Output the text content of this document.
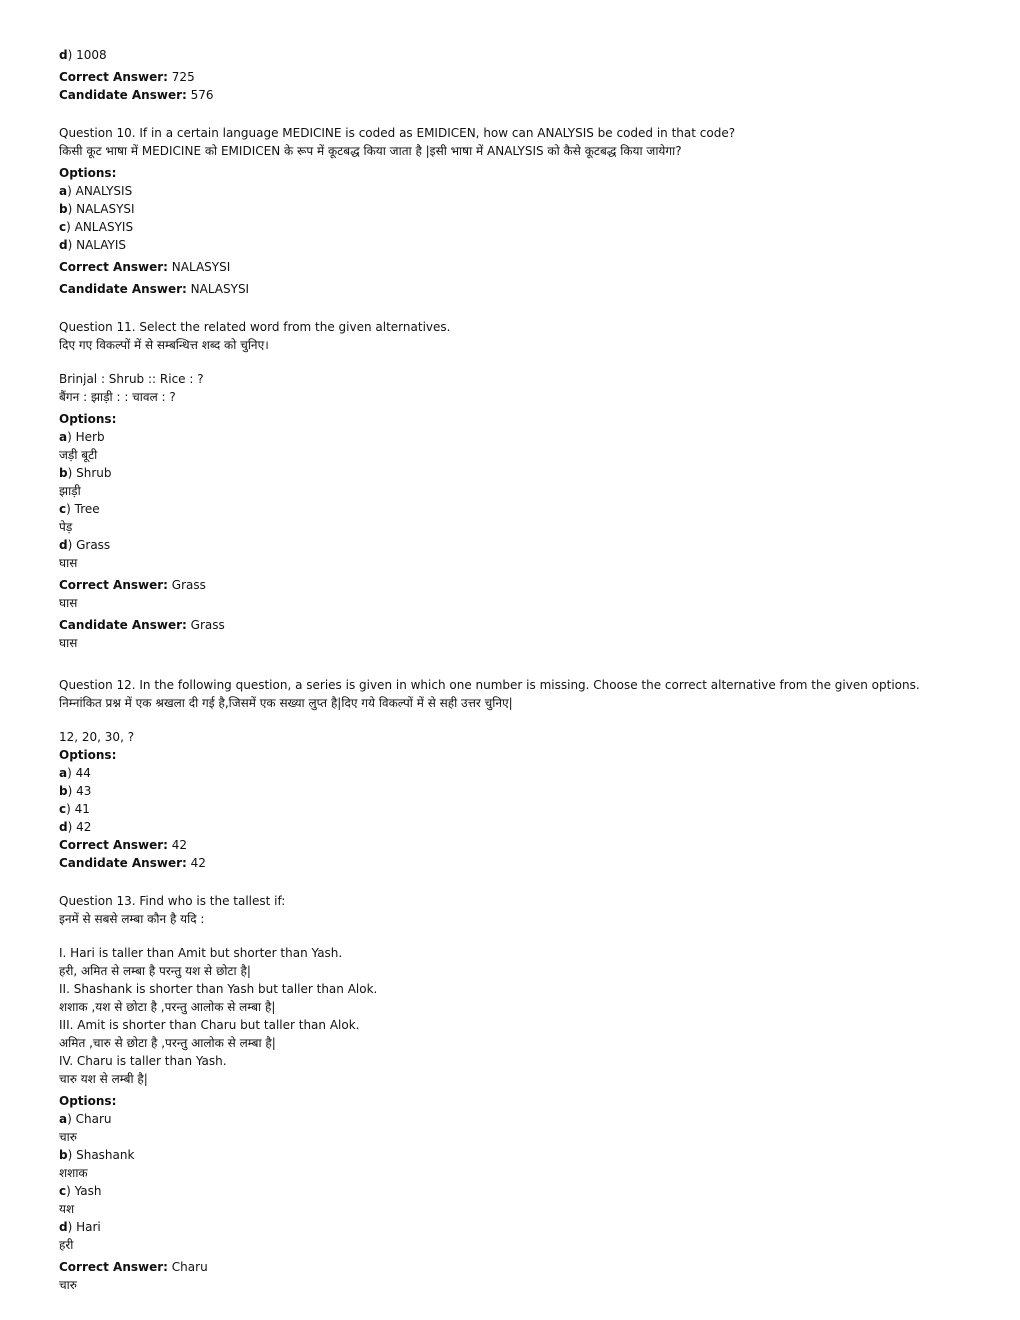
d) 1008
Correct Answer: 725
Candidate Answer: 576
Question 10. If in a certain language MEDICINE is coded as EMIDICEN, how can ANALYSIS be coded in that code?
किसी कूट भाषा में MEDICINE को EMIDICEN के रूप में कूटबद्ध किया जाता है |इसी भाषा में ANALYSIS को कैसे कूटबद्ध किया जायेगा?
Options:
a) ANALYSIS
b) NALASYSI
c) ANLASYIS
d) NALAYIS
Correct Answer: NALASYSI
Candidate Answer: NALASYSI
Question 11. Select the related word from the given alternatives.
दिए गए विकल्पों में से सम्बन्धित्त शब्द को चुनिए।
Brinjal : Shrub :: Rice : ?
बैंगन : झाड़ी : : चावल : ?
Options:
a) Herb
जड़ी बूटी
b) Shrub
झाड़ी
c) Tree
पेड़
d) Grass
घास
Correct Answer: Grass
घास
Candidate Answer: Grass
घास
Question 12. In the following question, a series is given in which one number is missing. Choose the correct alternative from the given options.
निम्नांकित प्रश्न में एक श्रखला दी गई है,जिसमें एक सख्या लुप्त है|दिए गये विकल्पों में से सही उत्तर चुनिए|
12, 20, 30, ?
Options:
a) 44
b) 43
c) 41
d) 42
Correct Answer: 42
Candidate Answer: 42
Question 13. Find who is the tallest if:
इनमें से सबसे लम्बा कौन है यदि :
I. Hari is taller than Amit but shorter than Yash.
हरी, अमित से लम्बा है परन्तु यश से छोटा है|
II. Shashank is shorter than Yash but taller than Alok.
शशाक ,यश से छोटा है ,परन्तु आलोक से लम्बा है|
III. Amit is shorter than Charu but taller than Alok.
अमित ,चारु से छोटा है ,परन्तु आलोक से लम्बा है|
IV. Charu is taller than Yash.
चारु यश से लम्बी है|
Options:
a) Charu
चारु
b) Shashank
शशाक
c) Yash
यश
d) Hari
हरी
Correct Answer: Charu
चारु
